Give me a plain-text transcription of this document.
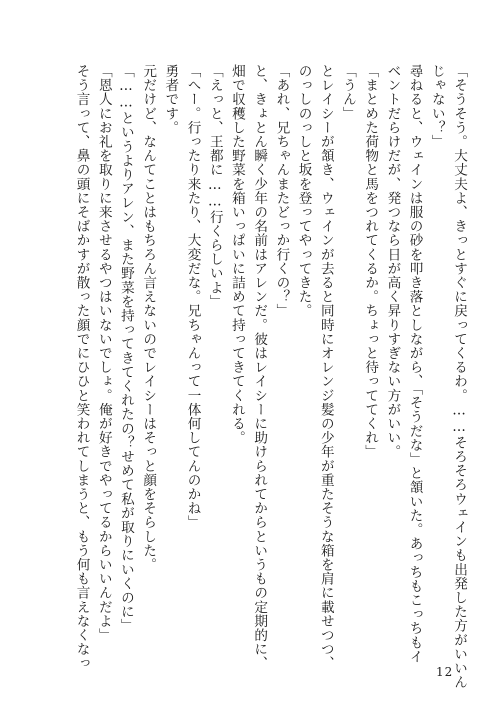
「そうそう。大丈夫よ、きっとすぐに戻ってくるわ。……そろそろウェインも出発した方がいいん
じゃない？」
尋ねると、ウェインは服の砂を叩き落としながら、「そうだな」と頷いた。あっちもこっちもイ
ベントだらけだが、発つなら日が高く昇りすぎない方がいい。
「まとめた荷物と馬をつれてくるか。ちょっと待っててくれ」
「うん」
とレイシーが頷き、ウェインが去ると同時にオレンジ髪の少年が重たそうな箱を肩に載せつつ、
のっしのっしと坂を登ってやってきた。
「あれ、兄ちゃんまたどっか行くの？」
と、きょとん瞬く少年の名前はアレンだ。彼はレイシーに助けられてからというもの定期的に、
畑で収穫した野菜を箱いっぱいに詰めて持ってきてくれる。
「えっと、王都に……行くらしいよ」
「へー。行ったり来たり、大変だな。兄ちゃんって一体何してんのかね」
勇者です。
元だけど、なんてことはもちろん言えないのでレイシーはそっと顔をそらした。
「……というよりアレン、また野菜を持ってきてくれたの？せめて私が取りにいくのに」
「恩人にお礼を取りに来させるやつはいないでしょ。俺が好きでやってるからいいんだよ」
そう言って、鼻の頭にそばかすが散った顔でにひひと笑われてしまうと、もう何も言えなくなっ
12
